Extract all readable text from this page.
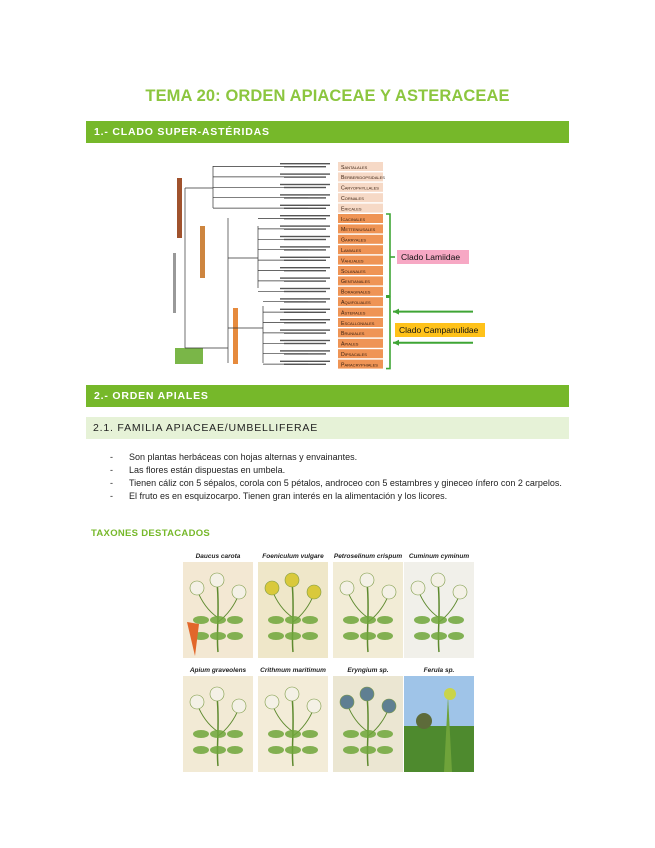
TEMA 20: ORDEN APIACEAE Y ASTERACEAE
1.- CLADO SUPER-ASTÉRIDAS
Santalales
Berberidopsidales
Caryophyllales
Cornales
Ericales
Icacinales
Metteniusales
Garryales
Lamiales
Vahliales
Solanales
Gentianales
Boraginales
Aquifoliales
Asterales
Escalloniales
Bruniales
Apiales
Dipsacales
Paracryphiales
Clado Lamiidae
Clado Campanulidae
2.- ORDEN APIALES
2.1. FAMILIA APIACEAE/UMBELLIFERAE
-	Son plantas herbáceas con hojas alternas y envainantes.
-	Las flores están dispuestas en umbela.
-	Tienen cáliz con 5 sépalos, corola con 5 pétalos, androceo con 5 estambres y gineceo ínfero con 2 carpelos.
-	El fruto es en esquizocarpo. Tienen gran interés en la alimentación y los licores.
TAXONES DESTACADOS
Daucus carota	Foeniculum vulgare	Petroselinum crispum	Cuminum cyminum
Apium graveolens	Crithmum maritimum	Eryngium sp.	Ferula sp.
